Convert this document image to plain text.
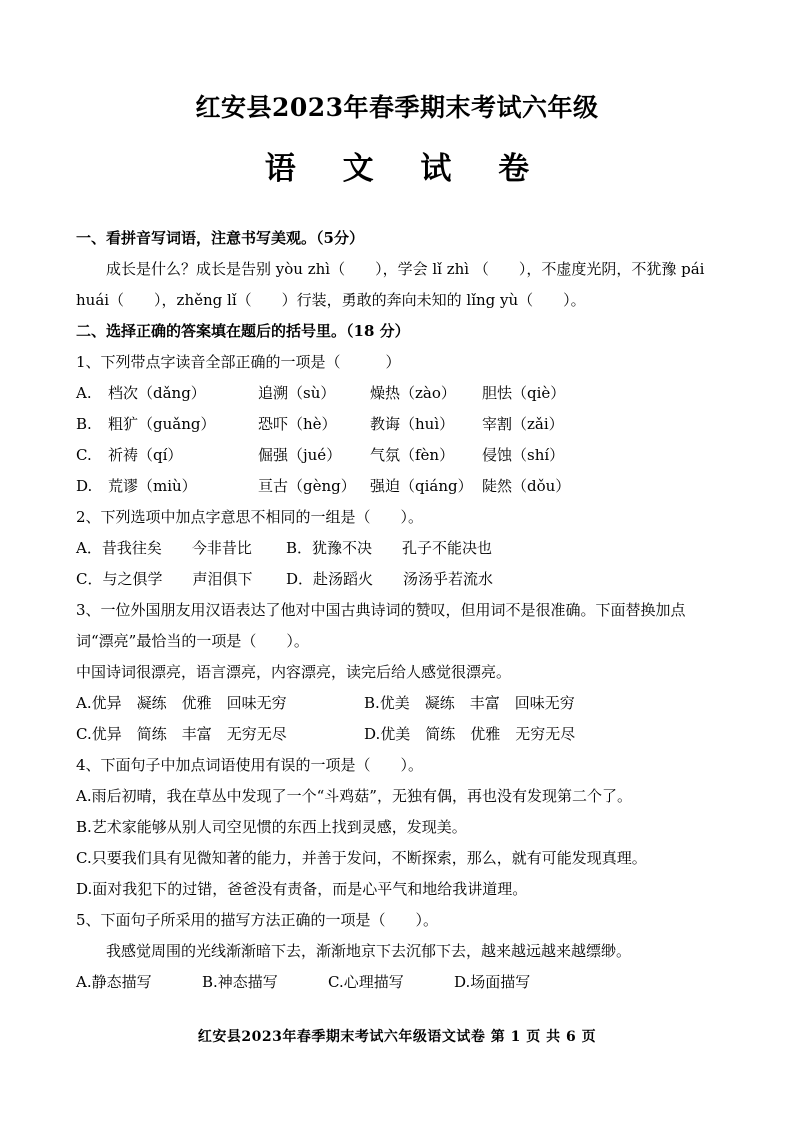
红安县2023年春季期末考试六年级
语 文 试 卷
一、看拼音写词语，注意书写美观。（5分）
成长是什么？成长是告别 yòu zhì（　　），学会 lǐ zhì （　　），不虚度光阴，不犹豫 pái
huái（　　），zhěng lǐ（　　）行装，勇敢的奔向未知的 lǐng yù（　　）。
二、选择正确的答案填在题后的括号里。（18 分）
1、下列带点字读音全部正确的一项是（　　　）
A.	档次（dǎng）	追溯（sù）	燥热（zào）	胆怯（qiè）
B.	粗犷（guǎng）	恐吓（hè）	教诲（huì）	宰割（zǎi）
C.	祈祷（qí）	倔强（jué）	气氛（fèn）	侵蚀（shí）
D.	荒谬（miù）	亘古（gèng） 强迫（qiáng） 陡然（dǒu）
2、下列选项中加点字意思不相同的一组是（　　）。
A．昔我往矣　　今非昔比	B．犹豫不决　　孔子不能决也
C．与之俱学　　声泪俱下	D．赴汤蹈火　　汤汤乎若流水
3、一位外国朋友用汉语表达了他对中国古典诗词的赞叹，但用词不是很准确。下面替换加点
词“漂亮”最恰当的一项是（　　）。
中国诗词很漂亮，语言漂亮，内容漂亮，读完后给人感觉很漂亮。
A.优异　凝练　优雅　回味无穷	B.优美　凝练　丰富　回味无穷
C.优异　简练　丰富　无穷无尽	D.优美　简练　优雅　无穷无尽
4、下面句子中加点词语使用有误的一项是（　　）。
A.雨后初晴，我在草丛中发现了一个“斗鸡菇”，无独有偶，再也没有发现第二个了。
B.艺术家能够从别人司空见惯的东西上找到灵感，发现美。
C.只要我们具有见微知著的能力，并善于发问，不断探索，那么，就有可能发现真理。
D.面对我犯下的过错，爸爸没有责备，而是心平气和地给我讲道理。
5、下面句子所采用的描写方法正确的一项是（　　）。
我感觉周围的光线渐渐暗下去，渐渐地京下去沉郁下去，越来越远越来越缥缈。
A.静态描写	B.神态描写	C.心理描写	D.场面描写
红安县2023年春季期末考试六年级语文试卷 第 1 页 共 6 页
